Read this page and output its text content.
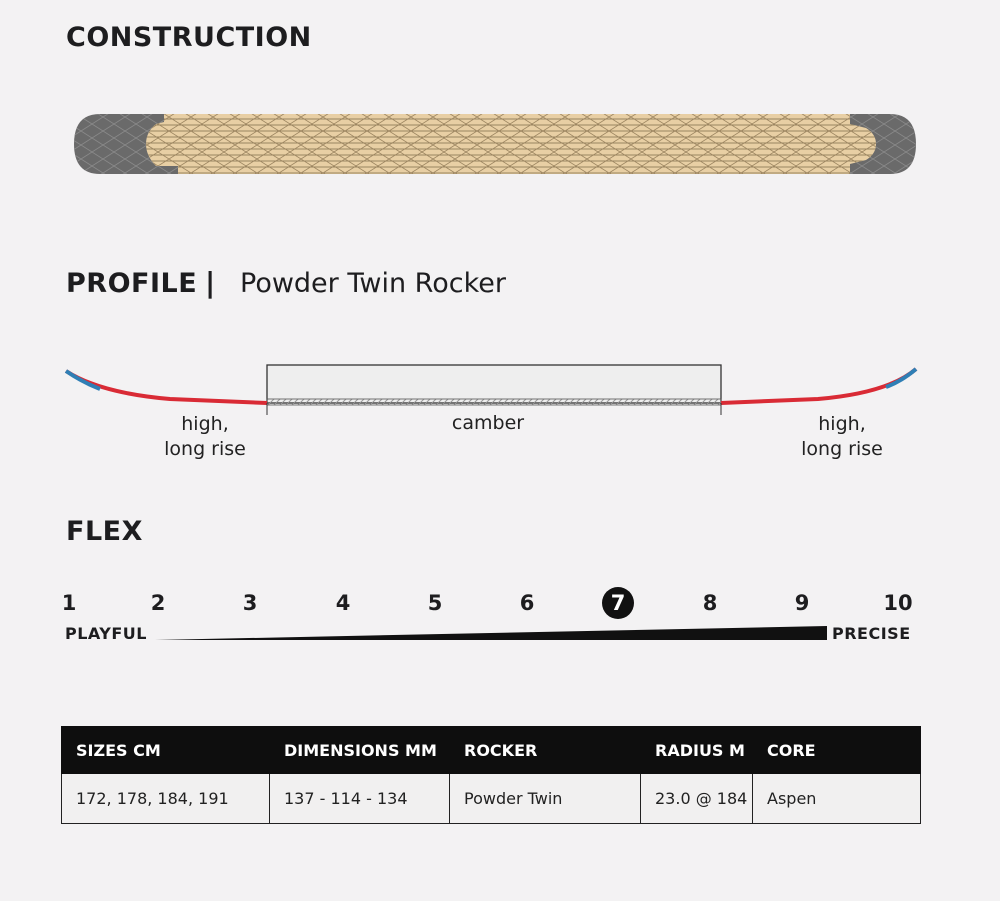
CONSTRUCTION
PROFILE | Powder Twin Rocker
high,
long rise
camber	high,
long rise
FLEX
1	2	3	4	5	6	7	8	9	10
PLAYFUL	PRECISE
SIZES CM	DIMENSIONS MM	ROCKER	RADIUS M	CORE
172, 178, 184, 191	137 - 114 - 134	Powder Twin	23.0 @ 184	Aspen
